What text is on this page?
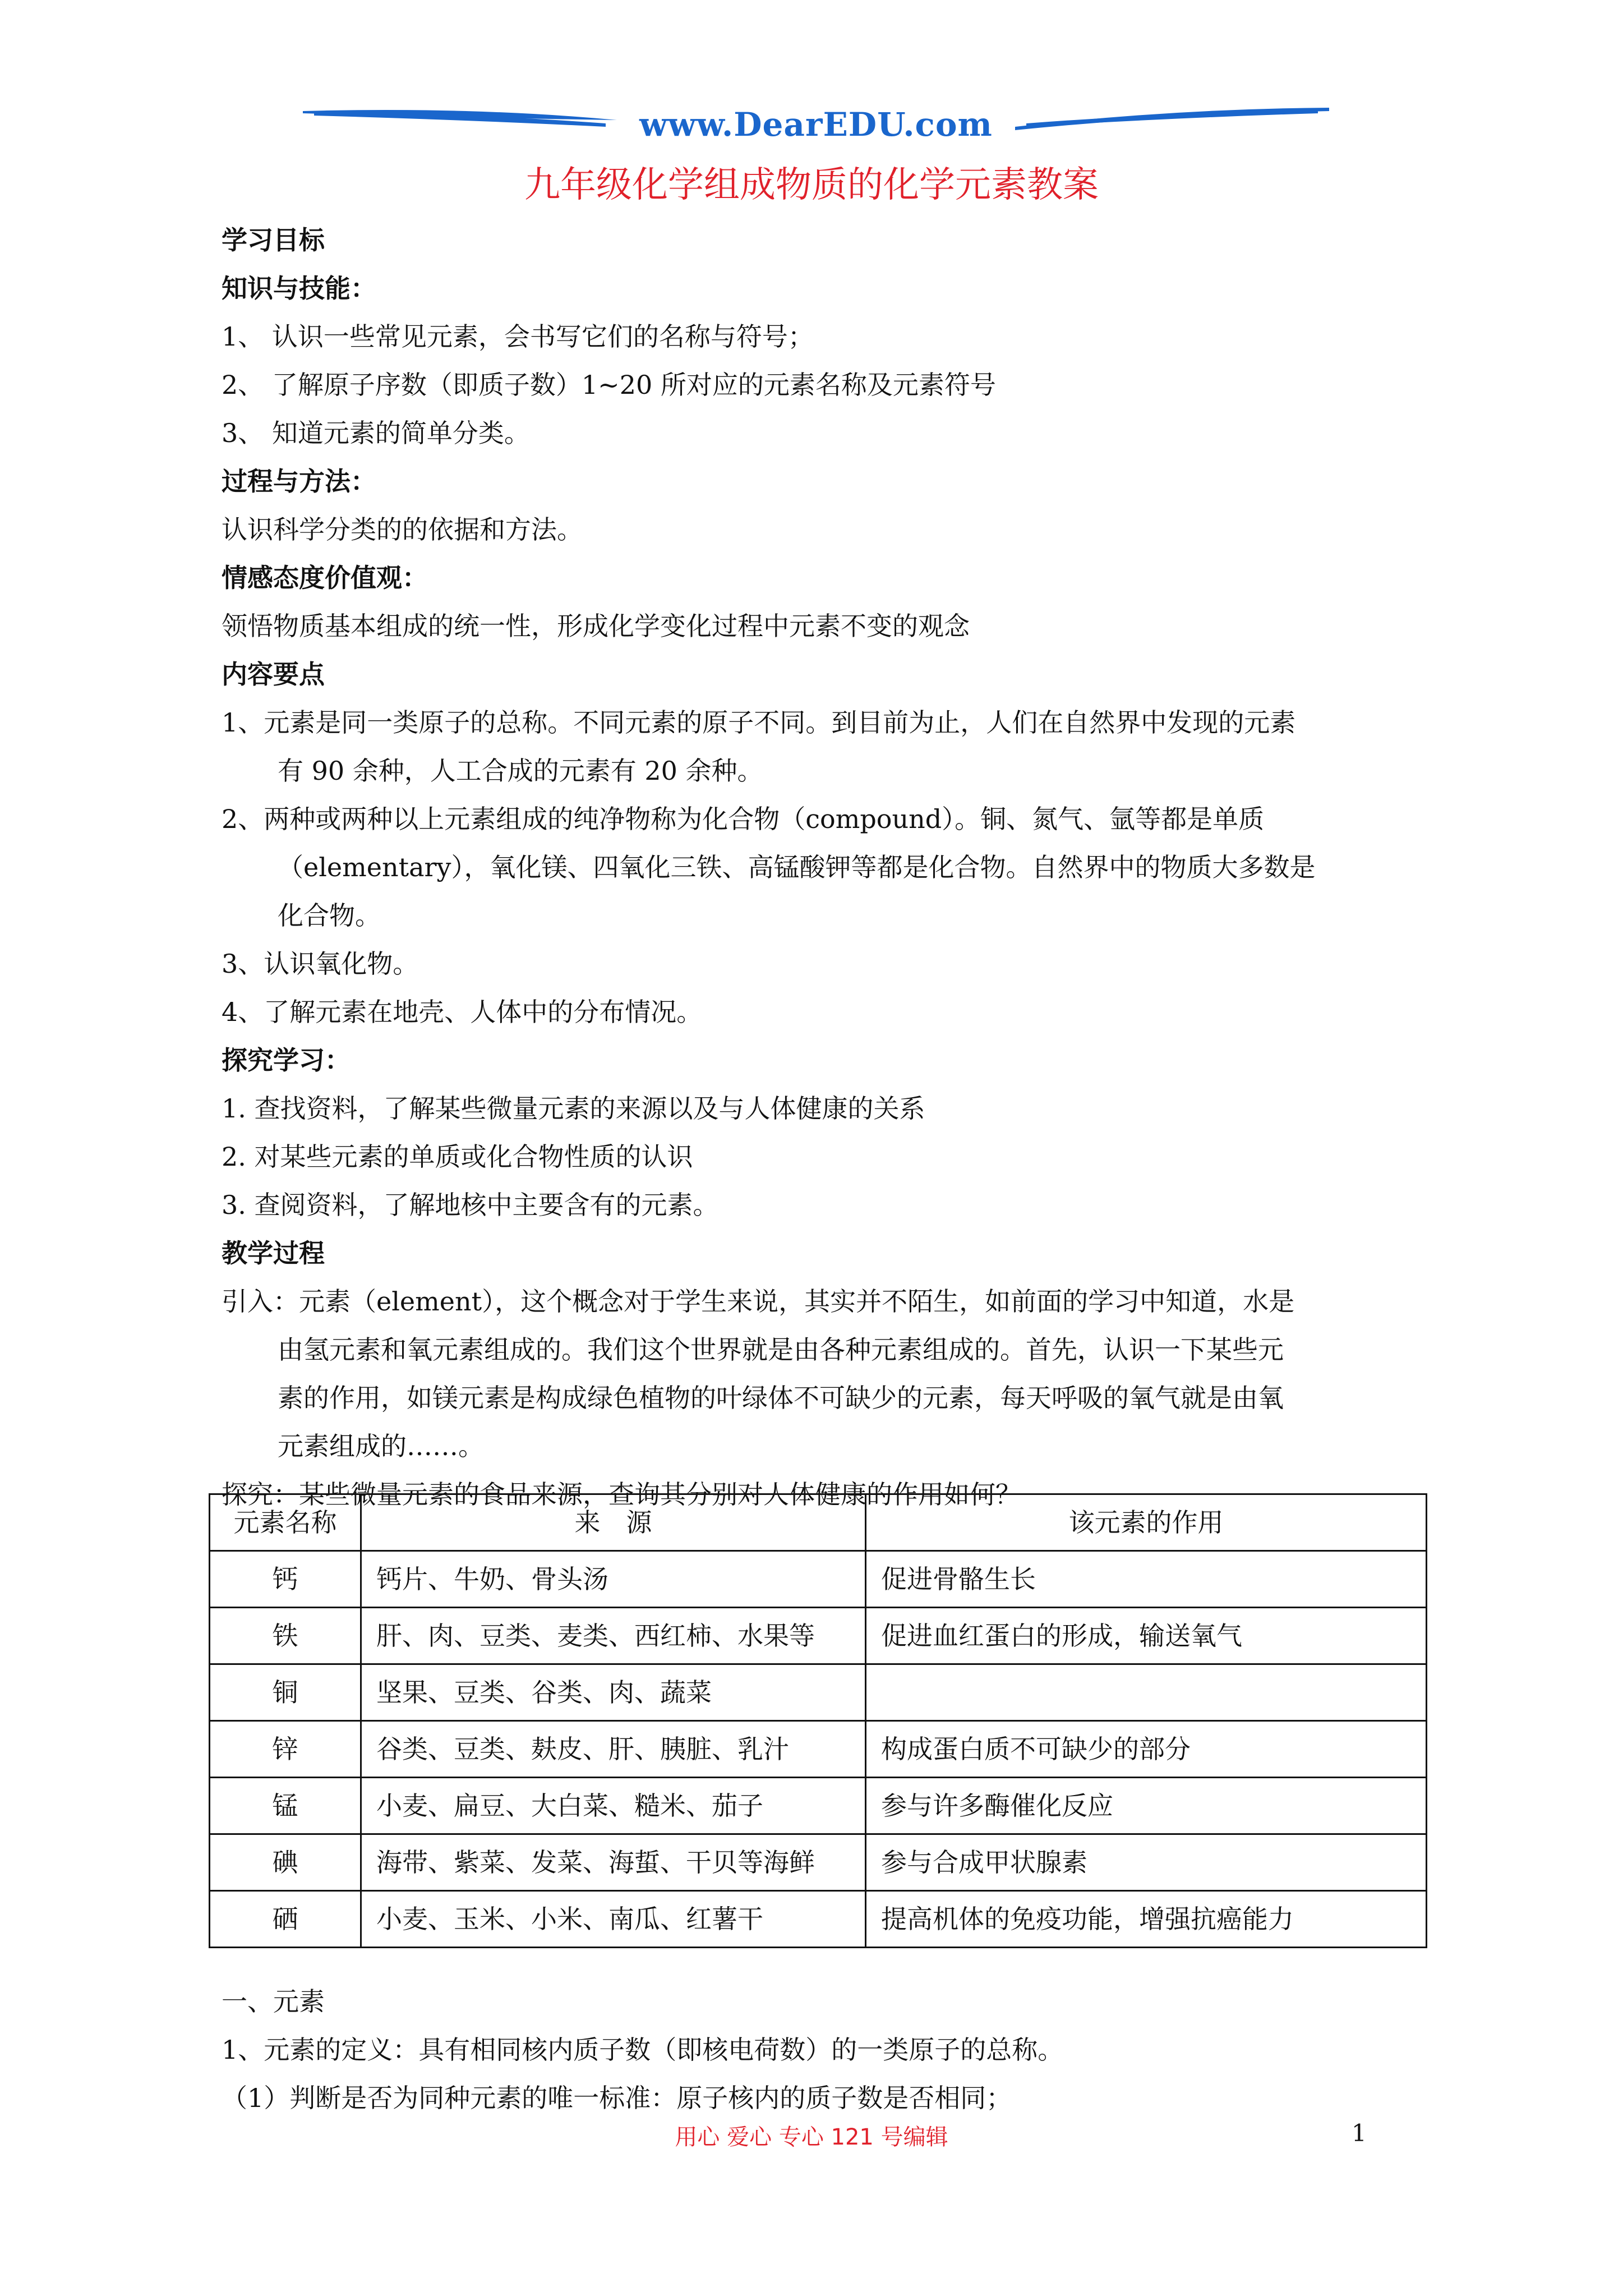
www.DearEDU.com
九年级化学组成物质的化学元素教案
学习目标
知识与技能：
1、 认识一些常见元素，会书写它们的名称与符号；
2、 了解原子序数（即质子数）1~20 所对应的元素名称及元素符号
3、 知道元素的简单分类。
过程与方法：
认识科学分类的的依据和方法。
情感态度价值观：
领悟物质基本组成的统一性，形成化学变化过程中元素不变的观念
内容要点
1、元素是同一类原子的总称。不同元素的原子不同。到目前为止，人们在自然界中发现的元素
有 90 余种，人工合成的元素有 20 余种。
2、两种或两种以上元素组成的纯净物称为化合物（compound）。铜、氮气、氩等都是单质
（elementary），氧化镁、四氧化三铁、高锰酸钾等都是化合物。自然界中的物质大多数是
化合物。
3、认识氧化物。
4、了解元素在地壳、人体中的分布情况。
探究学习：
1. 查找资料，了解某些微量元素的来源以及与人体健康的关系
2. 对某些元素的单质或化合物性质的认识
3. 查阅资料，了解地核中主要含有的元素。
教学过程
引入：元素（element），这个概念对于学生来说，其实并不陌生，如前面的学习中知道，水是
由氢元素和氧元素组成的。我们这个世界就是由各种元素组成的。首先，认识一下某些元
素的作用，如镁元素是构成绿色植物的叶绿体不可缺少的元素，每天呼吸的氧气就是由氧
元素组成的……。
探究：某些微量元素的食品来源，查询其分别对人体健康的作用如何？
元素名称	来　源	该元素的作用
钙	钙片、牛奶、骨头汤	促进骨骼生长
铁	肝、肉、豆类、麦类、西红柿、水果等	促进血红蛋白的形成，输送氧气
铜	坚果、豆类、谷类、肉、蔬菜	
锌	谷类、豆类、麸皮、肝、胰脏、乳汁	构成蛋白质不可缺少的部分
锰	小麦、扁豆、大白菜、糙米、茄子	参与许多酶催化反应
碘	海带、紫菜、发菜、海蜇、干贝等海鲜	参与合成甲状腺素
硒	小麦、玉米、小米、南瓜、红薯干	提高机体的免疫功能，增强抗癌能力
一、元素
1、元素的定义：具有相同核内质子数（即核电荷数）的一类原子的总称。
（1）判断是否为同种元素的唯一标准：原子核内的质子数是否相同；
用心 爱心 专心 121 号编辑	1
